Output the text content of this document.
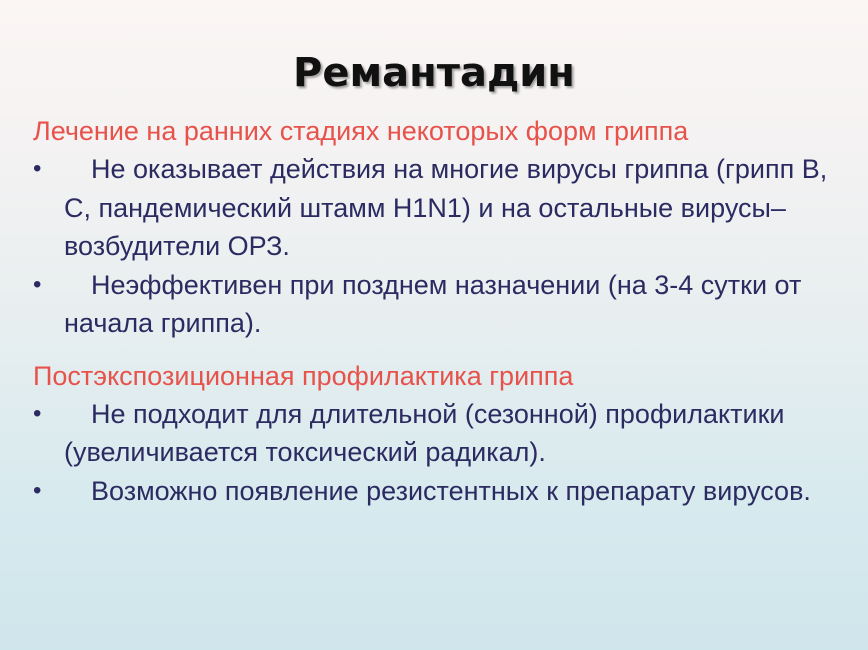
Ремантадин

Лечение на ранних стадиях некоторых форм гриппа

•	Не оказывает действия на многие вирусы гриппа (грипп В, С, пандемический штамм H1N1) и на остальные вирусы–возбудители ОРЗ.
•	Неэффективен при позднем назначении (на 3-4 сутки от начала гриппа).

Постэкспозиционная профилактика гриппа

•	Не подходит для длительной (сезонной) профилактики (увеличивается токсический радикал).
•	Возможно появление резистентных к препарату вирусов.
